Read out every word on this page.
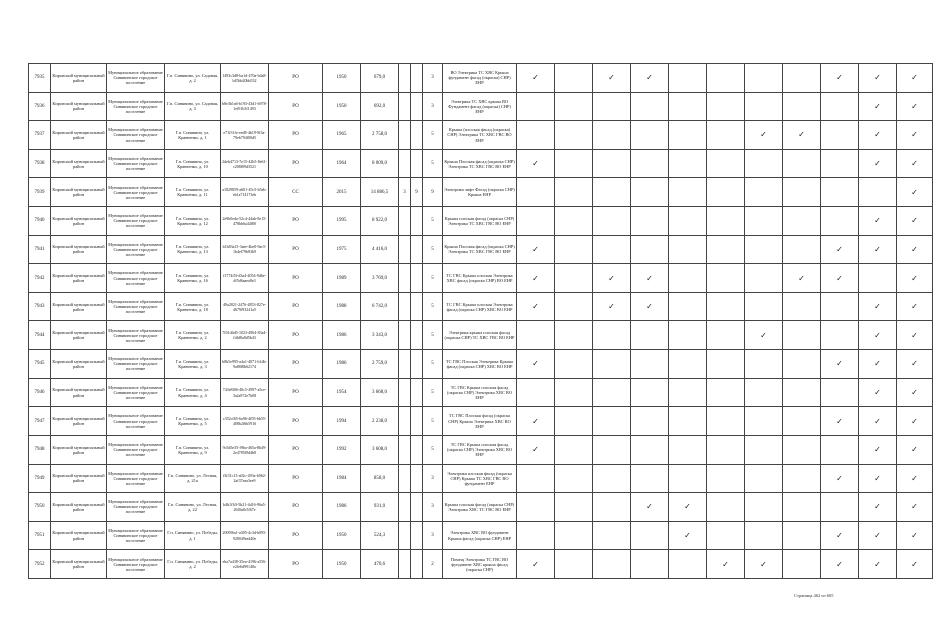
7935	Кировский муниципальный район	Муниципальное образование Синявинское городское поселение	Г.п. Синявино, ул. Садовая, д. 2	1493c3d8-ba1d-470a-b4a8-b45bb20bb532	РО	1950	679,0			3	ВО Электрика ТС ХВС Крыша фундамент фасад (окраска) СНР) ЕНР	✓		✓	✓					✓	✓	✓
7936	Кировский муниципальный район	Муниципальное образование Синявинское городское поселение	Г.п. Синявино, ул. Садовая, д. 3	b8e3b1a6-b193-43d1-b978-1ef91b3f1493	РО	1950	692,0			3	Электрика ТС ХВС крыша ВО Фундамент фасад (окраска) СНР) ЕНР										✓	✓
7937	Кировский муниципальный район	Муниципальное образование Синявинское городское поселение	Г.п. Синявино, ул. Кравченко, д. 1	e71f31fe-eed8-4b19-9f3a-79eb794f00d5	РО	1965	2 758,0			5	Крыша (плоская фасад (окраска) СНР) Электрика ТС ХВС ГВС ВО ЕНР							✓	✓		✓	✓
7938	Кировский муниципальный район	Муниципальное образование Синявинское городское поселение	Г.п. Синявино, ул. Кравченко, д. 10	2deb4713-7e15-42b5-8e61-c208f09d3521	РО	1964	8 009,0			5	Крыша Плоская фасад (окраска СНР) Электрика ТС ХВС ГВС ВО ЕНР	✓									✓	✓
7939	Кировский муниципальный район	Муниципальное образование Синявинское городское поселение	Г.п. Синявино, ул. Кравченко, д. 11	a1829859-a601-45c5-b5eb-eb1a714173eb	СС	2015	14 886,5	3	9	9	Электрика лифт Фасад (окраска СНР) Крыша ЕНР											✓
7940	Кировский муниципальный район	Муниципальное образование Синявинское городское поселение	Г.п. Синявино, ул. Кравченко, д. 12	2e9b0eda-52c4-44ab-8e15-478bb6a44f80	РО	1995	8 922,0			5	Крыша плоская фасад (окраска СНР) Электрика ТС ХВС ГВС ВО ЕНР										✓	✓
7941	Кировский муниципальный район	Муниципальное образование Синявинское городское поселение	Г.п. Синявино, ул. Кравченко, д. 13	b1b83a15-3aee-4be0-9ac5-1b4ef79b83b9	РО	1975	4 416,0			5	Крыша Плоская фасад (окраска СНР) Электрика ТС ХВС ГВС ВО ЕНР	✓								✓	✓	✓
7942	Кировский муниципальный район	Муниципальное образование Синявинское городское поселение	Г.п. Синявино, ул. Кравченко, д. 16	f1774f5f-d3a4-4054-9d6e-df5d6aaea8e3	РО	1989	3 769,0			5	ТС ГВС Крыша плоская Электрика ХВС фасад (окраска СНР) ВО ЕНР	✓		✓	✓				✓	✓		✓
7943	Кировский муниципальный район	Муниципальное образование Синявинское городское поселение	Г.п. Синявино, ул. Кравченко, д. 18	49a2821-2476-4853-827e-4679f93241a5	РО	1988	6 742,0			5	ТС ГВС Крыша плоская Электрика фасад (окраска СНР) ХВС ВО ЕНР	✓		✓	✓						✓	✓
7944	Кировский муниципальный район	Муниципальное образование Синявинское городское поселение	Г.п. Синявино, ул. Кравченко, д. 2	7f01d4d5-1023-4964-83a4-fdfd8a8d5b43	РО	1986	3 343,0			5	Электрика крыша плоская фасад (окраска СНР) ТС ХВС ГВС ВО ЕНР							✓			✓	✓
7945	Кировский муниципальный район	Муниципальное образование Синявинское городское поселение	Г.п. Синявино, ул. Кравченко, д. 3	b8b5e995-a4a1-4071-b1db-9a88f8b62174	РО	1986	2 759,0			5	ТС ГВС Плоская Электрика Крыша фасад (окраска СНР) ХВС ВО ЕНР	✓								✓	✓	✓
7946	Кировский муниципальный район	Муниципальное образование Синявинское городское поселение	Г.п. Синявино, ул. Кравченко, д. 4	743e8f06-40c5-4997-a5ce-3a2a972e7b08	РО	1954	3 668,0			5	ТС ГВС Крыша плоская фасад (окраска СНР) Электрика ХВС ВО ЕНР										✓	✓
7947	Кировский муниципальный район	Муниципальное образование Синявинское городское поселение	Г.п. Синявино, ул. Кравченко, д. 5	c352cf65-6a96-4f05-bb55-408b2f6b5916	РО	1994	2 238,0			5	ТС ГВС Плоская фасад (окраска СНР) Крыша Электрика ХВС ВО ЕНР	✓								✓	✓	✓
7948	Кировский муниципальный район	Муниципальное образование Синявинское городское поселение	Г.п. Синявино, ул. Кравченко, д. 9	9c5d5e35-f9ba-465a-8b49-2e4785f9d4b8	РО	1992	3 608,0			5	ТС ГВС Крыша плоская фасад (окраска СНР) Электрика ХВС ВО ЕНР	✓									✓	✓
7949	Кировский муниципальный район	Муниципальное образование Синявинское городское поселение	Г.п. Синявино, ул. Лесная, д. 21а	f3f31c13-a02c-493a-b962-2af37eaa3ee9	РО	1984	858,0			3	Электрика плоская фасад (окраска СНР) Крыша ТС ХВС ГВС ВО фундамент ЕНР									✓	✓	✓
7950	Кировский муниципальный район	Муниципальное образование Синявинское городское поселение	Г.п. Синявино, ул. Лесная, д. 22	b4b1f3ff-5b21-4d16-96a5-26f0a8c5f67e	РО	1986	931,0			3	Крыша плоская фасад (окраска СНР) Электрика ХВС ТС ГВС ВО ЕНР				✓	✓					✓	✓
7951	Кировский муниципальный район	Муниципальное образование Синявинское городское поселение	Г.п. Синявино, ул. Победы, д. 1	2009f6a1-a305-4c3d-b095-928049ea440e	РО	1950	524,3			3	Электрика ХВС ВО фундамент Крыша фасад (окраска СНР) ЕНР					✓				✓	✓	✓
7952	Кировский муниципальный район	Муниципальное образование Синявинское городское поселение	Г.п. Синявино, ул. Победы, д. 2	eba7a438-35ea-4196-a556-e2fe6d99148a	РО	1950	470,6			2	Помещ Электрика ТС ГВС ВО фундамент ХВС крыша фасад (окраска СНР)	✓					✓	✓		✓	✓	✓
Страница 462 из 605
